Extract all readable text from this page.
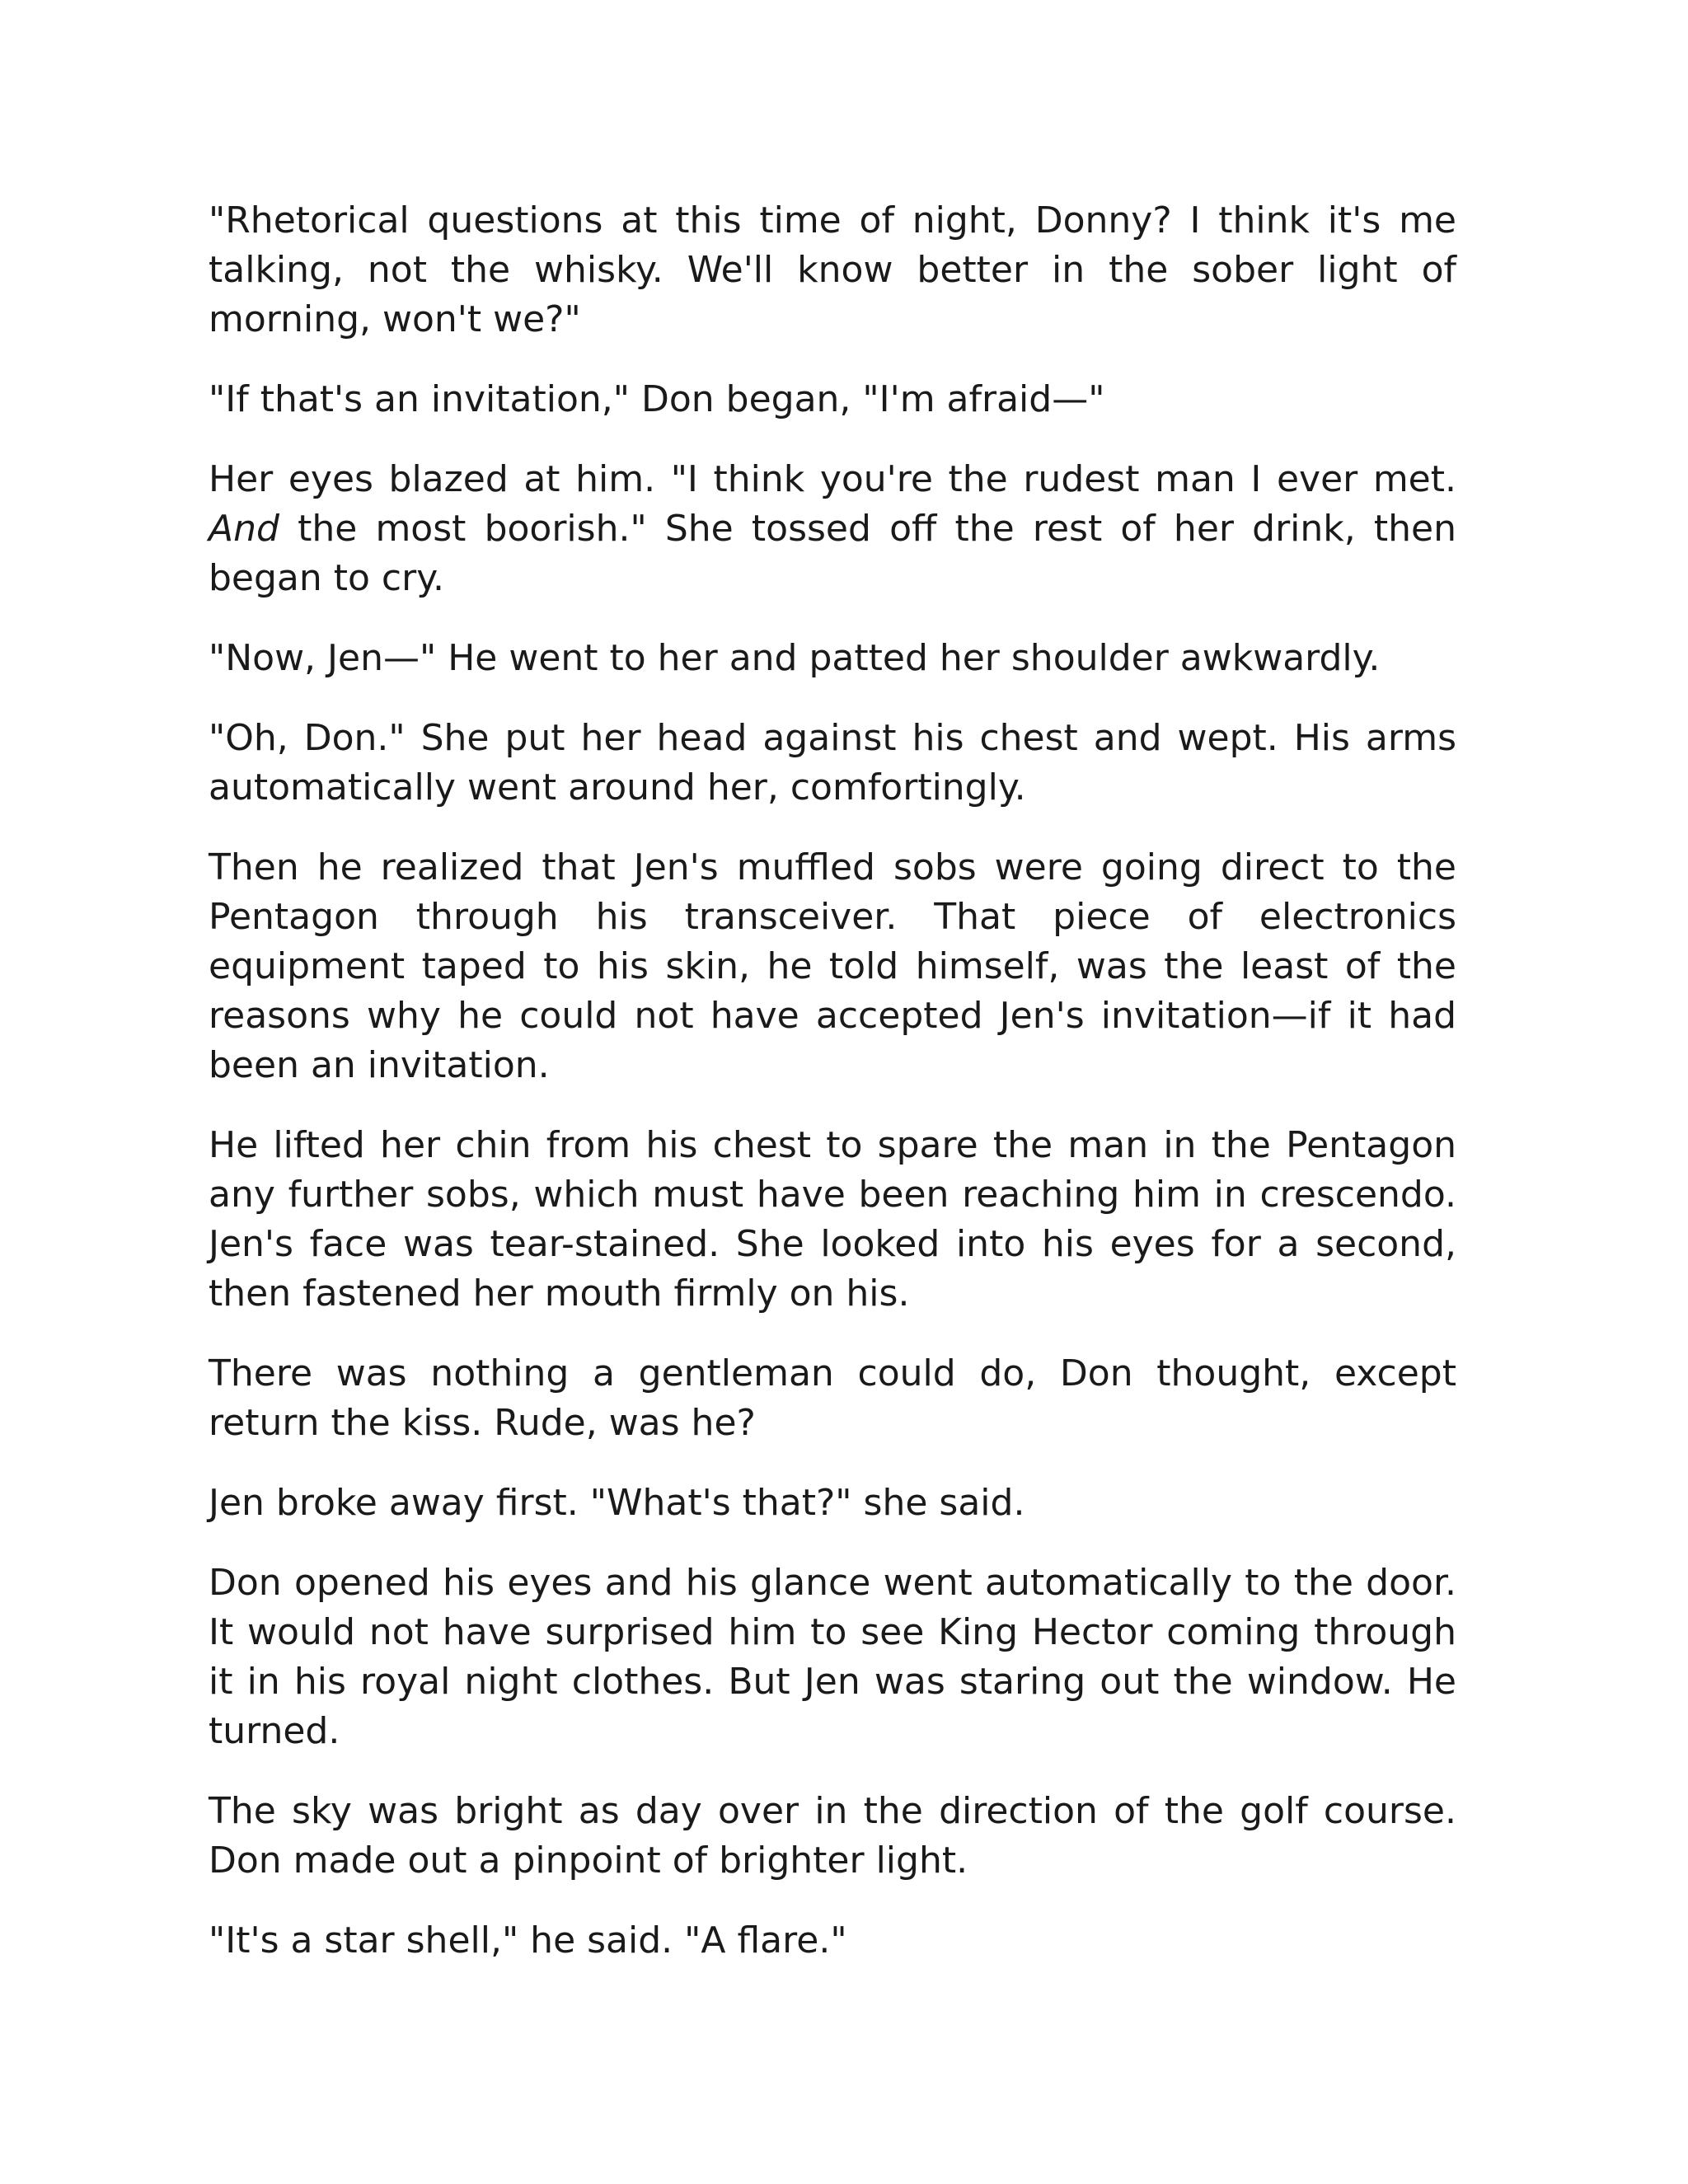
"Rhetorical questions at this time of night, Donny? I think it's me talking, not the whisky. We'll know better in the sober light of morning, won't we?"

"If that's an invitation," Don began, "I'm afraid—"

Her eyes blazed at him. "I think you're the rudest man I ever met. And the most boorish." She tossed off the rest of her drink, then began to cry.

"Now, Jen—" He went to her and patted her shoulder awkwardly.

"Oh, Don." She put her head against his chest and wept. His arms automatically went around her, comfortingly.

Then he realized that Jen's muffled sobs were going direct to the Pentagon through his transceiver. That piece of electronics equipment taped to his skin, he told himself, was the least of the reasons why he could not have accepted Jen's invitation—if it had been an invitation.

He lifted her chin from his chest to spare the man in the Pentagon any further sobs, which must have been reaching him in crescendo. Jen's face was tear-stained. She looked into his eyes for a second, then fastened her mouth firmly on his.

There was nothing a gentleman could do, Don thought, except return the kiss. Rude, was he?

Jen broke away first. "What's that?" she said.

Don opened his eyes and his glance went automatically to the door. It would not have surprised him to see King Hector coming through it in his royal night clothes. But Jen was staring out the window. He turned.

The sky was bright as day over in the direction of the golf course. Don made out a pinpoint of brighter light.

"It's a star shell," he said. "A flare."
